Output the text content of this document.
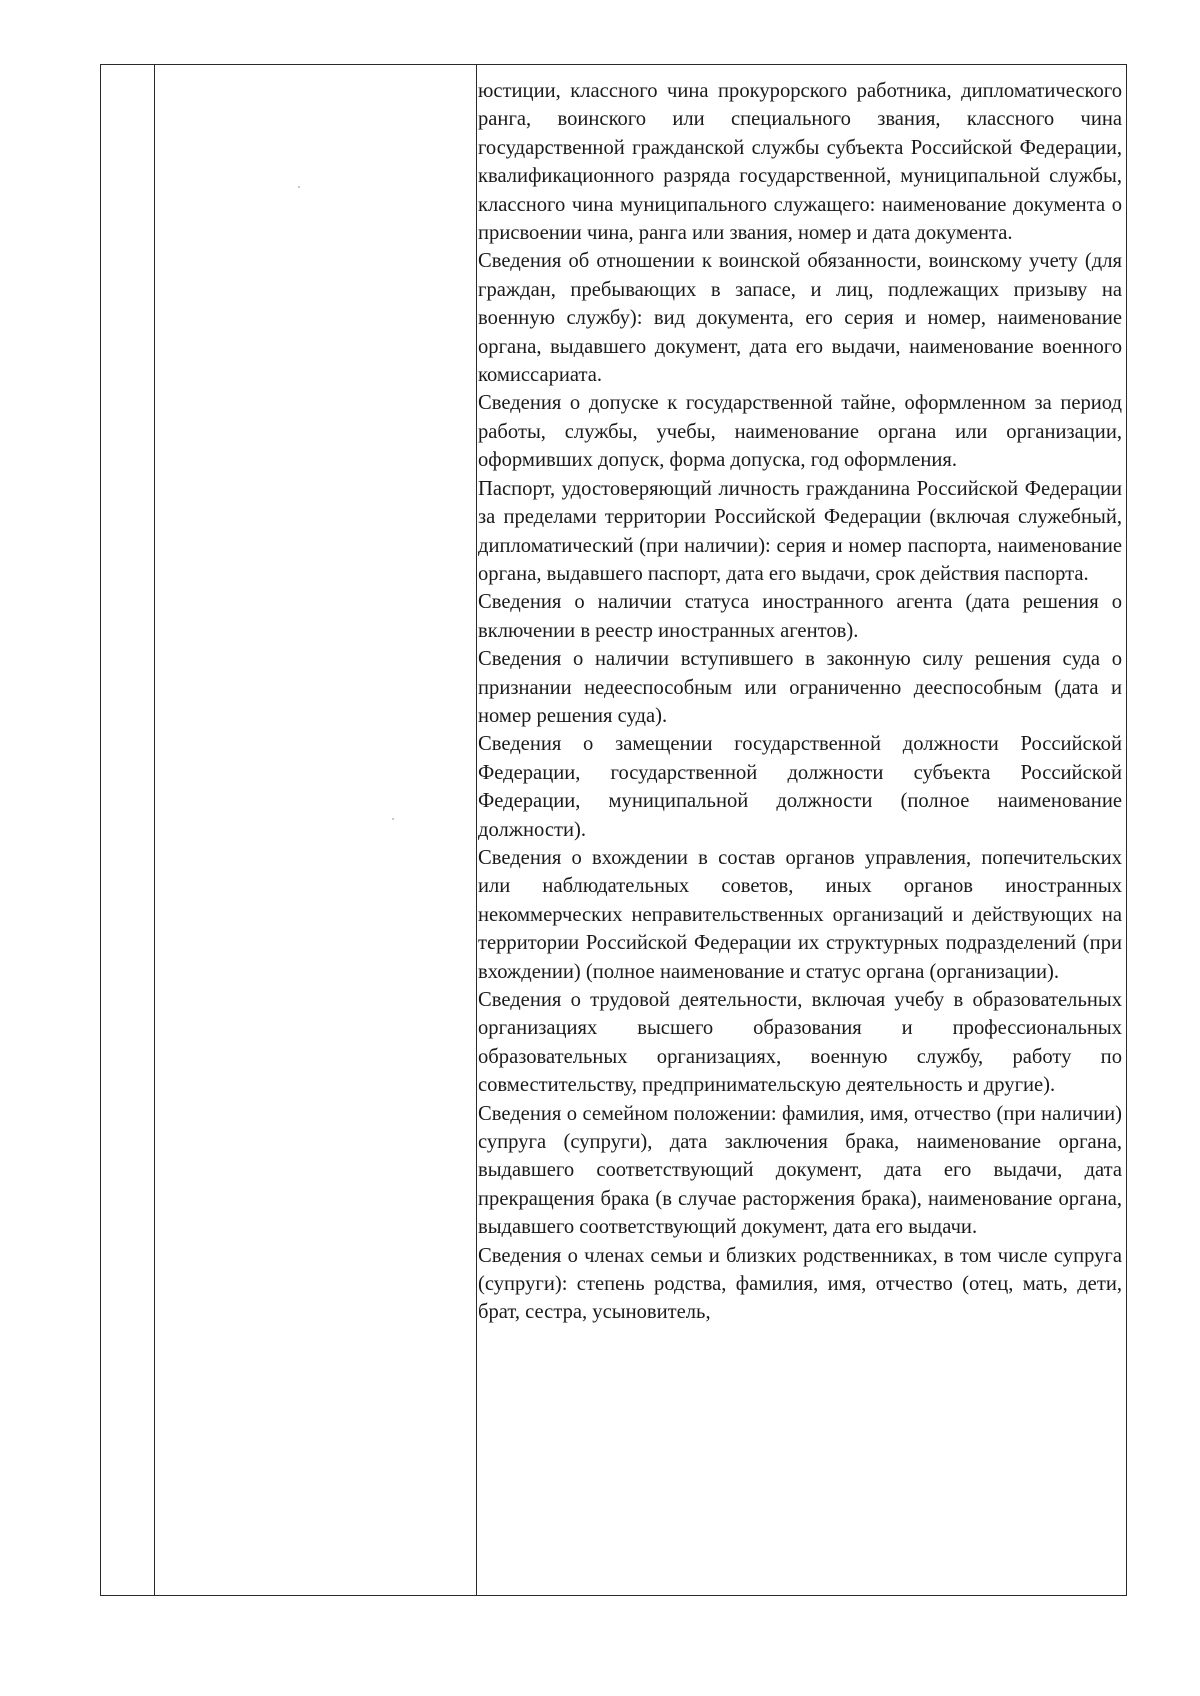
юстиции, классного чина прокурорского работника, дипломатического ранга, воинского или специального звания, классного чина государственной гражданской службы субъекта Российской Федерации, квалификационного разряда государственной, муниципальной службы, классного чина муниципального служащего: наименование документа о присвоении чина, ранга или звания, номер и дата документа.

Сведения об отношении к воинской обязанности, воинскому учету (для граждан, пребывающих в запасе, и лиц, подлежащих призыву на военную службу): вид документа, его серия и номер, наименование органа, выдавшего документ, дата его выдачи, наименование военного комиссариата.

Сведения о допуске к государственной тайне, оформленном за период работы, службы, учебы, наименование органа или организации, оформивших допуск, форма допуска, год оформления.

Паспорт, удостоверяющий личность гражданина Российской Федерации за пределами территории Российской Федерации (включая служебный, дипломатический (при наличии): серия и номер паспорта, наименование органа, выдавшего паспорт, дата его выдачи, срок действия паспорта.

Сведения о наличии статуса иностранного агента (дата решения о включении в реестр иностранных агентов).

Сведения о наличии вступившего в законную силу решения суда о признании недееспособным или ограниченно дееспособным (дата и номер решения суда).

Сведения о замещении государственной должности Российской Федерации, государственной должности субъекта Российской Федерации, муниципальной должности (полное наименование должности).

Сведения о вхождении в состав органов управления, попечительских или наблюдательных советов, иных органов иностранных некоммерческих неправительственных организаций и действующих на территории Российской Федерации их структурных подразделений (при вхождении) (полное наименование и статус органа (организации).

Сведения о трудовой деятельности, включая учебу в образовательных организациях высшего образования и профессиональных образовательных организациях, военную службу, работу по совместительству, предпринимательскую деятельность и другие).

Сведения о семейном положении: фамилия, имя, отчество (при наличии) супруга (супруги), дата заключения брака, наименование органа, выдавшего соответствующий документ, дата его выдачи, дата прекращения брака (в случае расторжения брака), наименование органа, выдавшего соответствующий документ, дата его выдачи.

Сведения о членах семьи и близких родственниках, в том числе супруга (супруги): степень родства, фамилия, имя, отчество (отец, мать, дети, брат, сестра, усыновитель,
